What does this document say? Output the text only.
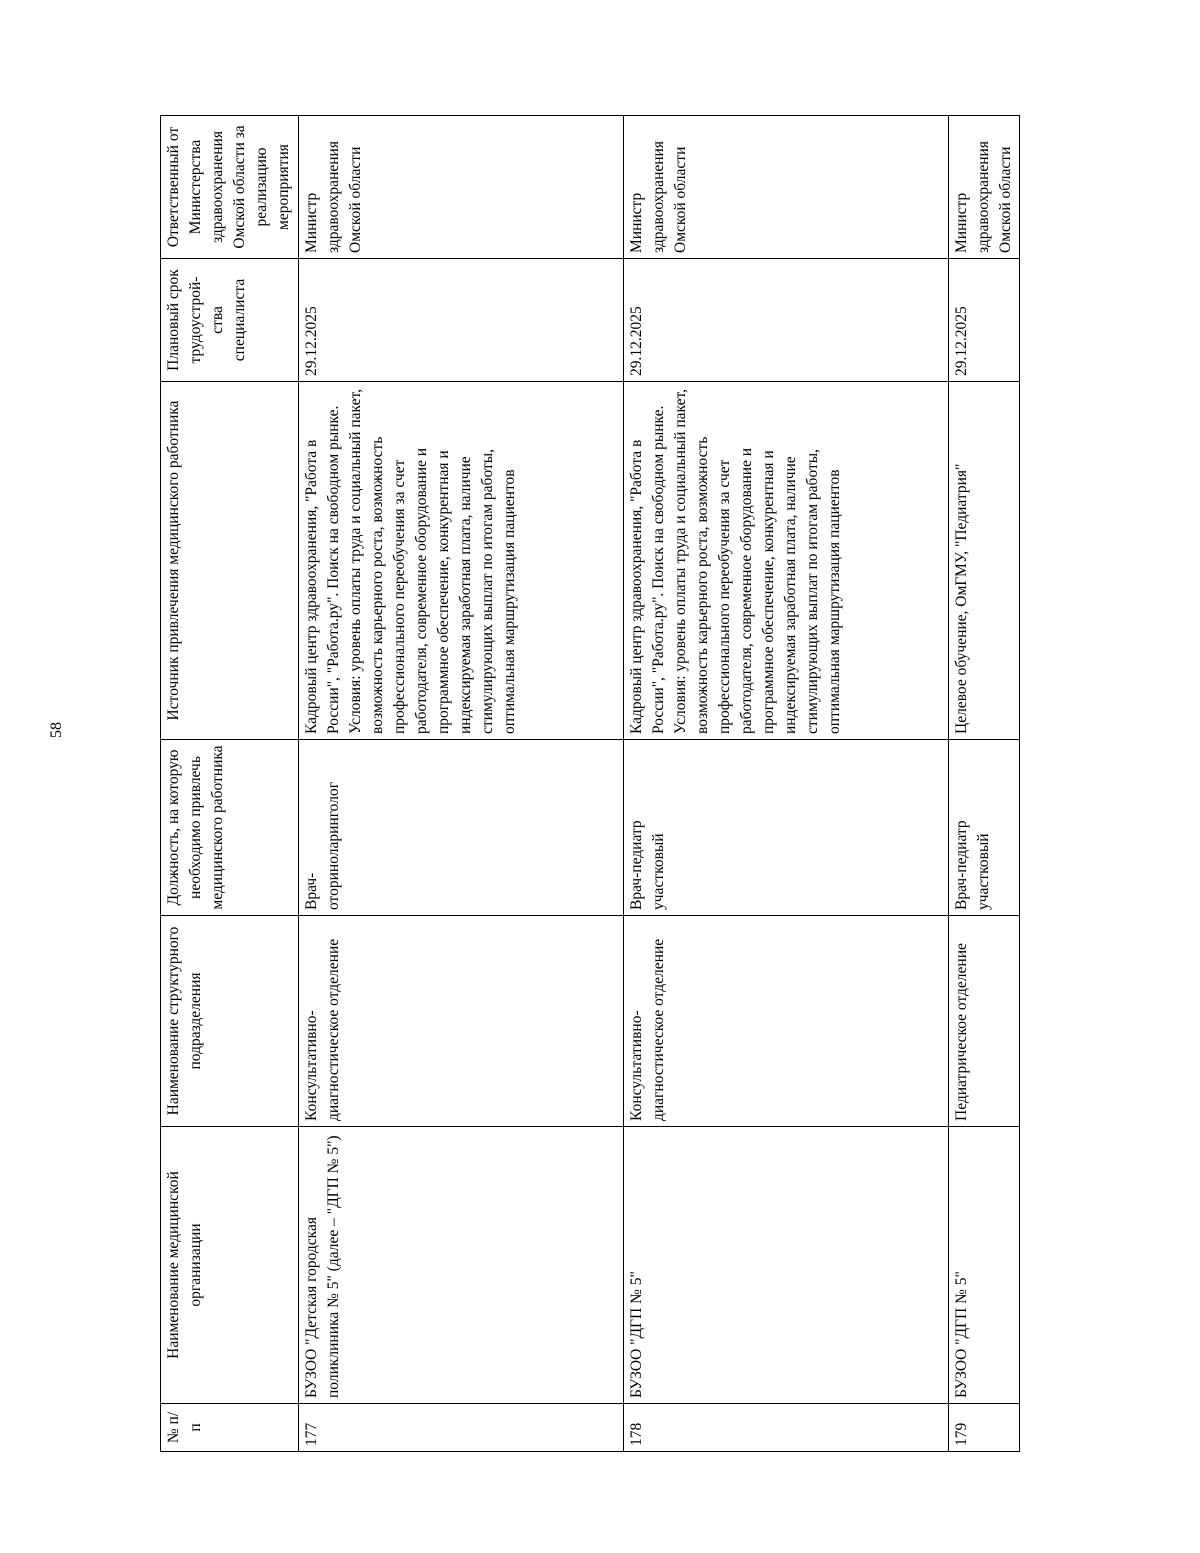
58
№ п/п	Наименование медицинской организации	Наименование структурного подразделения	Должность, на которую необходимо привлечь медицинского работника	Источник привлечения медицинского работника	Плановый срок трудоустрой-ства специалиста	Ответственный от Министерства здравоохранения Омской области за реализацию мероприятия
177	БУЗОО "Детская городская поликлиника № 5" (далее – "ДГП № 5")	Консультативно-диагностическое отделение	Врач-оториноларинголог	Кадровый центр здравоохранения, "Работа в России", "Работа.ру". Поиск на свободном рынке. Условия: уровень оплаты труда и социальный пакет, возможность карьерного роста, возможность профессионального переобучения за счет работодателя, современное оборудование и программное обеспечение, конкурентная и индексируемая заработная плата, наличие стимулирующих выплат по итогам работы, оптимальная маршрутизация пациентов	29.12.2025	Министр здравоохранения Омской области
178	БУЗОО "ДГП № 5"	Консультативно-диагностическое отделение	Врач-педиатр участковый	Кадровый центр здравоохранения, "Работа в России", "Работа.ру". Поиск на свободном рынке. Условия: уровень оплаты труда и социальный пакет, возможность карьерного роста, возможность профессионального переобучения за счет работодателя, современное оборудование и программное обеспечение, конкурентная и индексируемая заработная плата, наличие стимулирующих выплат по итогам работы, оптимальная маршрутизация пациентов	29.12.2025	Министр здравоохранения Омской области
179	БУЗОО "ДГП № 5"	Педиатрическое отделение	Врач-педиатр участковый	Целевое обучение, ОмГМУ, "Педиатрия"	29.12.2025	Министр здравоохранения Омской области
